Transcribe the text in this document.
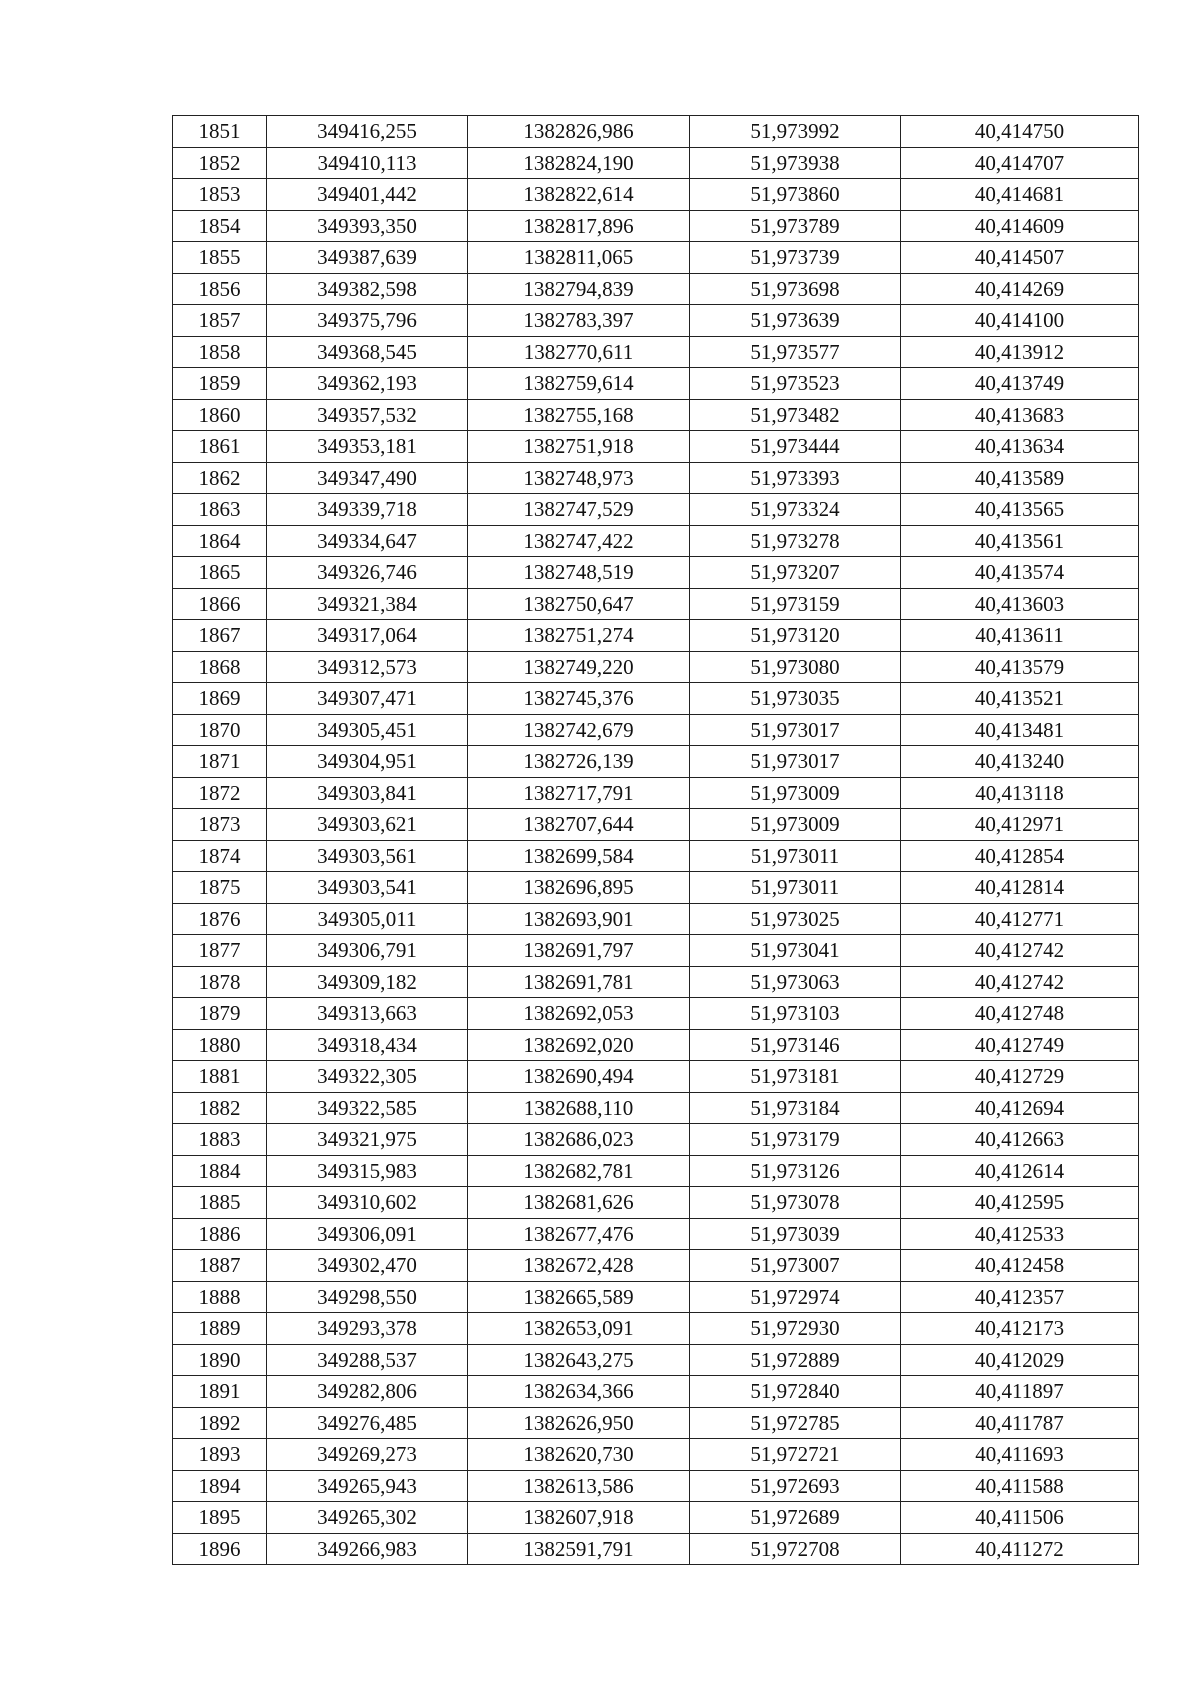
1851	349416,255	1382826,986	51,973992	40,414750
1852	349410,113	1382824,190	51,973938	40,414707
1853	349401,442	1382822,614	51,973860	40,414681
1854	349393,350	1382817,896	51,973789	40,414609
1855	349387,639	1382811,065	51,973739	40,414507
1856	349382,598	1382794,839	51,973698	40,414269
1857	349375,796	1382783,397	51,973639	40,414100
1858	349368,545	1382770,611	51,973577	40,413912
1859	349362,193	1382759,614	51,973523	40,413749
1860	349357,532	1382755,168	51,973482	40,413683
1861	349353,181	1382751,918	51,973444	40,413634
1862	349347,490	1382748,973	51,973393	40,413589
1863	349339,718	1382747,529	51,973324	40,413565
1864	349334,647	1382747,422	51,973278	40,413561
1865	349326,746	1382748,519	51,973207	40,413574
1866	349321,384	1382750,647	51,973159	40,413603
1867	349317,064	1382751,274	51,973120	40,413611
1868	349312,573	1382749,220	51,973080	40,413579
1869	349307,471	1382745,376	51,973035	40,413521
1870	349305,451	1382742,679	51,973017	40,413481
1871	349304,951	1382726,139	51,973017	40,413240
1872	349303,841	1382717,791	51,973009	40,413118
1873	349303,621	1382707,644	51,973009	40,412971
1874	349303,561	1382699,584	51,973011	40,412854
1875	349303,541	1382696,895	51,973011	40,412814
1876	349305,011	1382693,901	51,973025	40,412771
1877	349306,791	1382691,797	51,973041	40,412742
1878	349309,182	1382691,781	51,973063	40,412742
1879	349313,663	1382692,053	51,973103	40,412748
1880	349318,434	1382692,020	51,973146	40,412749
1881	349322,305	1382690,494	51,973181	40,412729
1882	349322,585	1382688,110	51,973184	40,412694
1883	349321,975	1382686,023	51,973179	40,412663
1884	349315,983	1382682,781	51,973126	40,412614
1885	349310,602	1382681,626	51,973078	40,412595
1886	349306,091	1382677,476	51,973039	40,412533
1887	349302,470	1382672,428	51,973007	40,412458
1888	349298,550	1382665,589	51,972974	40,412357
1889	349293,378	1382653,091	51,972930	40,412173
1890	349288,537	1382643,275	51,972889	40,412029
1891	349282,806	1382634,366	51,972840	40,411897
1892	349276,485	1382626,950	51,972785	40,411787
1893	349269,273	1382620,730	51,972721	40,411693
1894	349265,943	1382613,586	51,972693	40,411588
1895	349265,302	1382607,918	51,972689	40,411506
1896	349266,983	1382591,791	51,972708	40,411272
